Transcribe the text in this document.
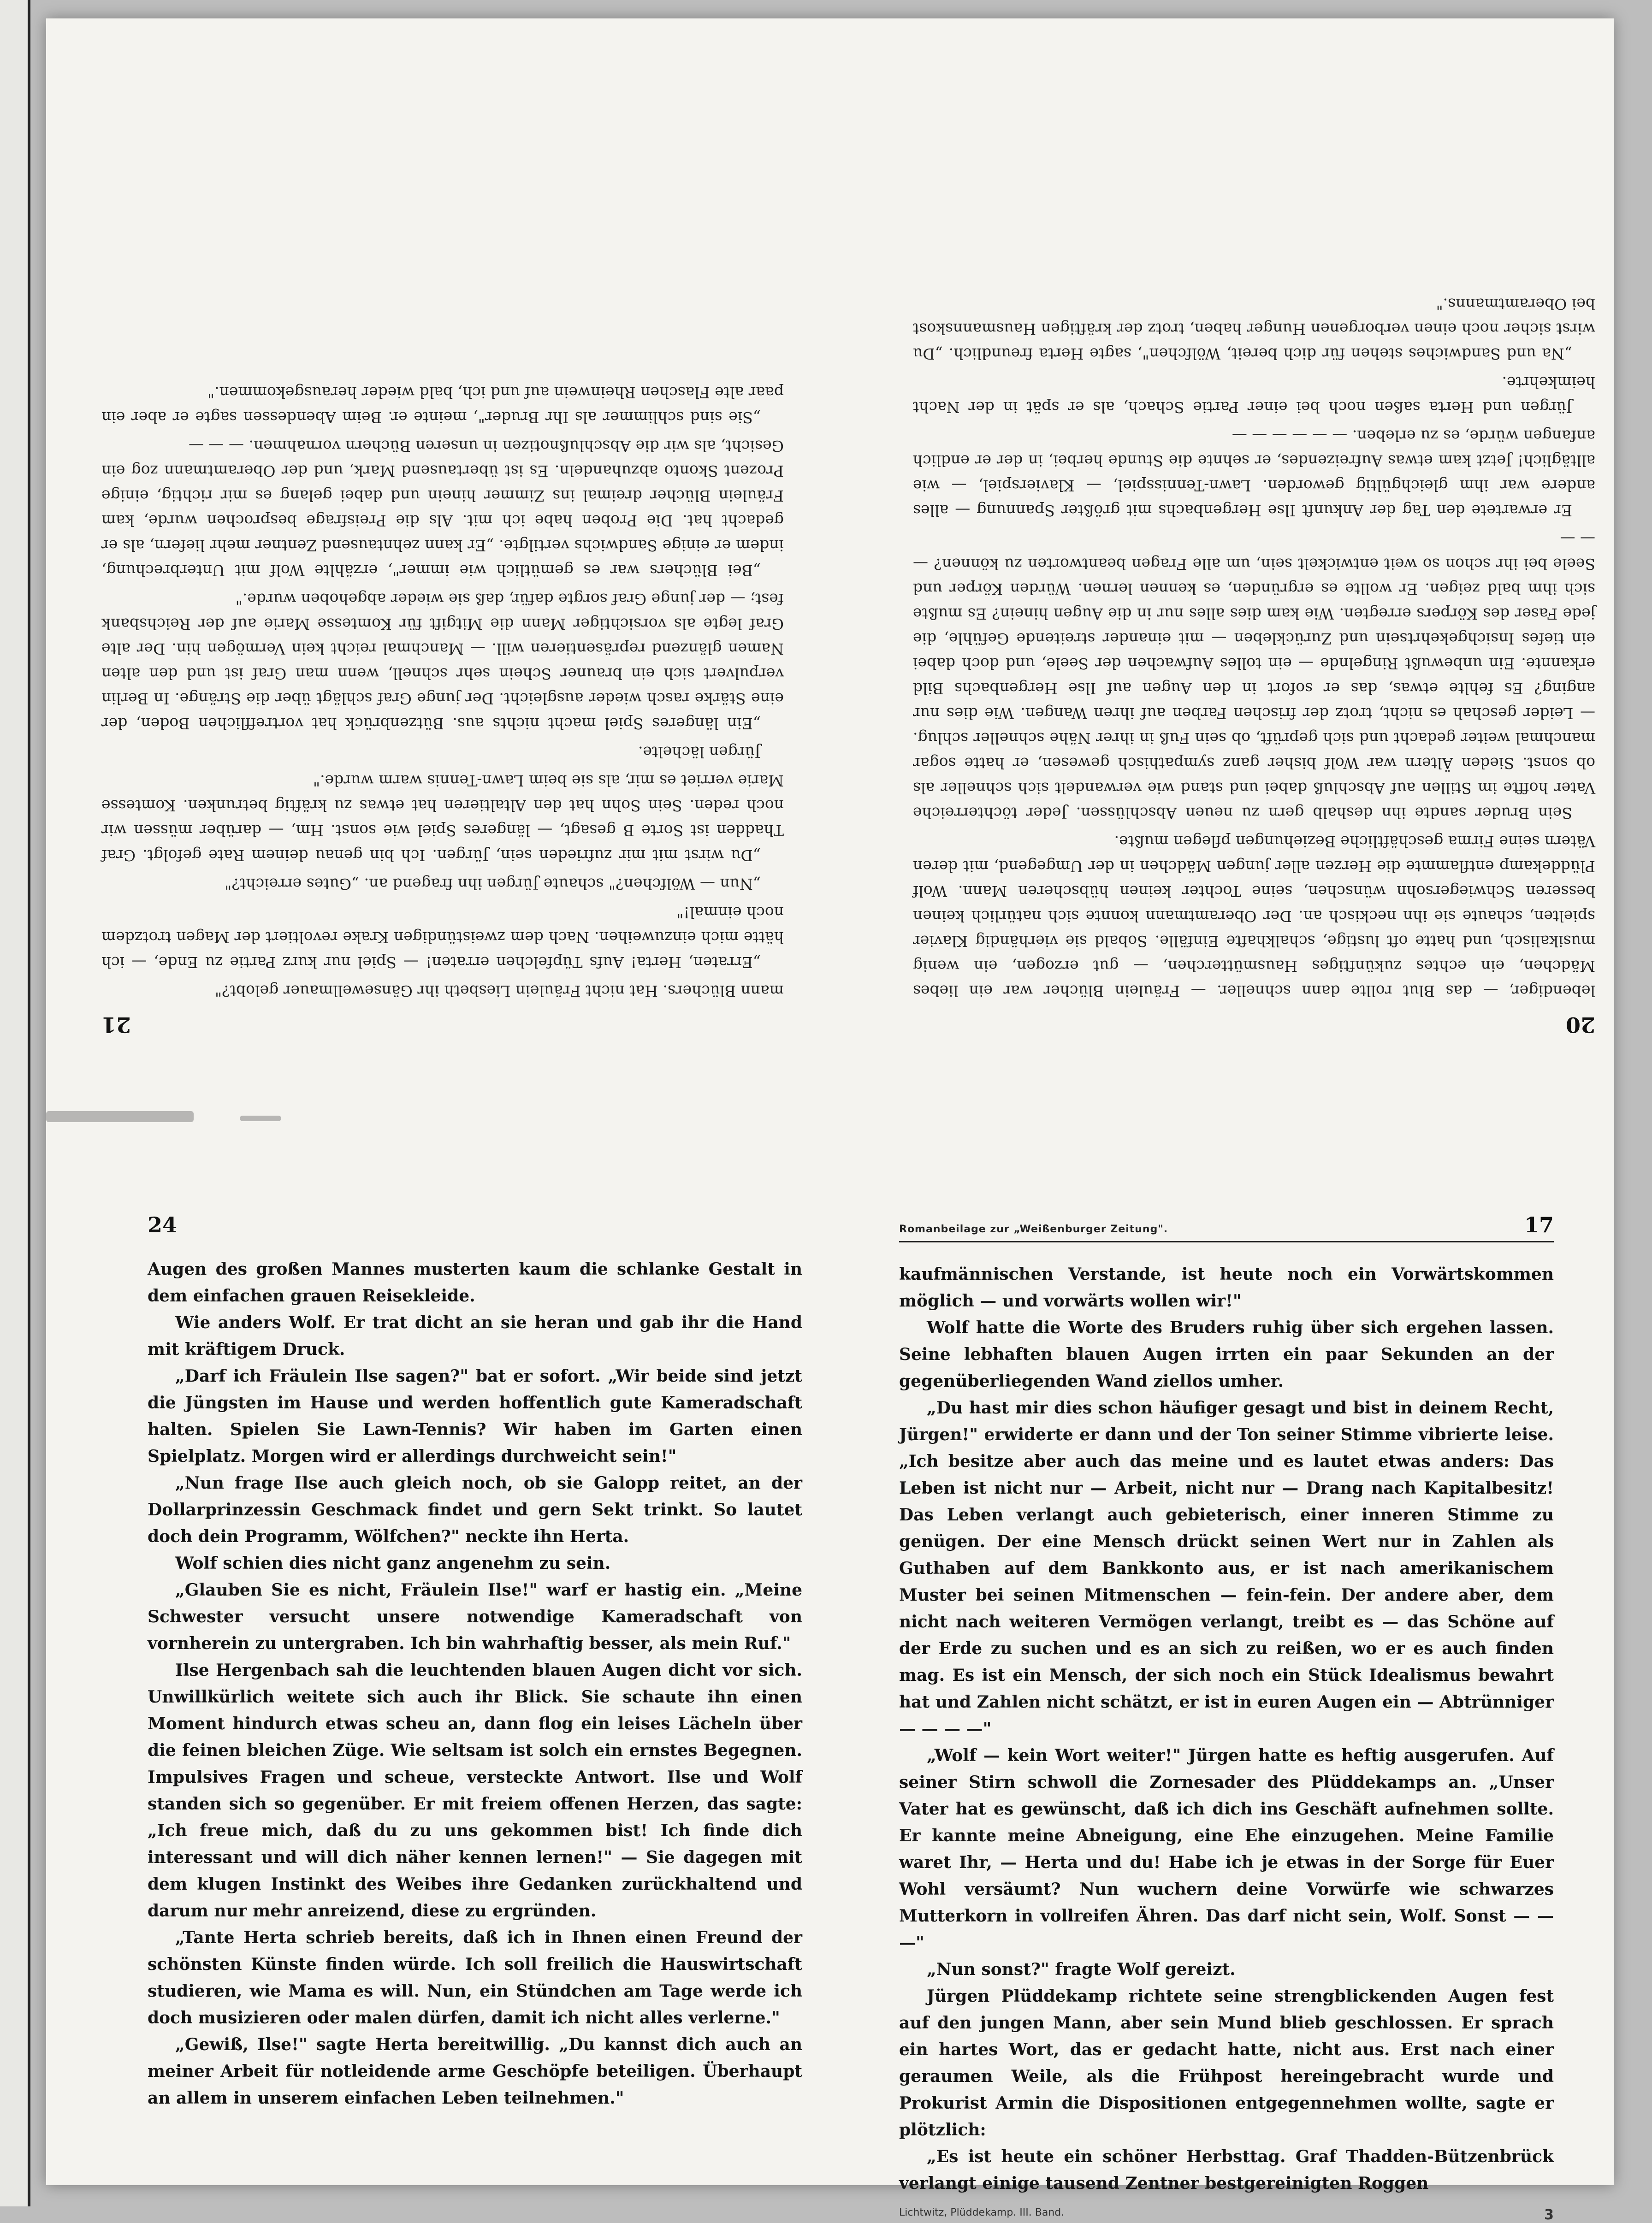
20

lebendiger, — das Blut rollte dann schneller. — Fräulein Blücher war ein liebes Mädchen, ein echtes zukünftiges Hausmütterchen, — gut erzogen, ein wenig musikalisch, und hatte oft lustige, schalkhafte Einfälle. Sobald sie vierhändig Klavier spielten, schaute sie ihn neckisch an. Der Oberamtmann konnte sich natürlich keinen besseren Schwiegersohn wünschen, seine Tochter keinen hübscheren Mann. Wolf Plüddekamp entflammte die Herzen aller jungen Mädchen in der Umgegend, mit deren Vätern seine Firma geschäftliche Beziehungen pflegen mußte.

Sein Bruder sandte ihn deshalb gern zu neuen Abschlüssen. Jeder töchterreiche Vater hoffte im Stillen auf Abschluß dabei und stand wie verwandelt sich schneller als ob sonst. Sieden Ältern war Wolf bisher ganz sympathisch gewesen, er hatte sogar manchmal weiter gedacht und sich geprüft, ob sein Fuß in ihrer Nähe schneller schlug. — Leider geschah es nicht, trotz der frischen Farben auf ihren Wangen. Wie dies nur anging? Es fehlte etwas, das er sofort in den Augen auf Ilse Hergenbachs Bild erkannte. Ein unbewußt Ringelnde — ein tolles Aufwachen der Seele, und doch dabei ein tiefes Insichgekehrtsein und Zurückleben — mit einander streitende Gefühle, die jede Faser des Körpers erregten. Wie kam dies alles nur in die Augen hinein? Es mußte sich ihm bald zeigen. Er wollte es ergründen, es kennen lernen. Würden Körper und Seele bei ihr schon so weit entwickelt sein, um alle Fragen beantworten zu können? — — —

Er erwartete den Tag der Ankunft Ilse Hergenbachs mit größter Spannung — alles andere war ihm gleichgültig geworden. Lawn-Tennisspiel, — Klavierspiel, — wie alltäglich! Jetzt kam etwas Aufreizendes, er sehnte die Stunde herbei, in der er endlich anfangen würde, es zu erleben. — — — — — —

Jürgen und Herta saßen noch bei einer Partie Schach, als er spät in der Nacht heimkehrte.

„Na und Sandwiches stehen für dich bereit, Wölfchen", sagte Herta freundlich. „Du wirst sicher noch einen verborgenen Hunger haben, trotz der kräftigen Hausmannskost bei Oberamtmanns."

21

mann Blüchers. Hat nicht Fräulein Liesbeth ihr Gänsewellmauer gelobt?"

„Erraten, Herta! Aufs Tüpfelchen erraten! — Spiel nur kurz Partie zu Ende, — ich hätte mich einzuweihen. Nach dem zweistündigen Krake revoltiert der Magen trotzdem noch einmal!"

„Nun — Wölfchen?" schaute Jürgen ihn fragend an. „Gutes erreicht?"

„Du wirst mit mir zufrieden sein, Jürgen. Ich bin genau deinem Rate gefolgt. Graf Thadden ist Sorte B gesagt, — längeres Spiel wie sonst. Hm, — darüber müssen wir noch reden. Sein Sohn hat den Altaltieren hat etwas zu kräftig betrunken. Komtesse Marie verriet es mir, als sie beim Lawn-Tennis warm wurde."

Jürgen lächelte.

„Ein längeres Spiel macht nichts aus. Bützenbrück hat vortrefflichen Boden, der eine Stärke rasch wieder ausgleicht. Der junge Graf schlägt über die Stränge. In Berlin verpulvert sich ein brauner Schein sehr schnell, wenn man Graf ist und den alten Namen glänzend repräsentieren will. — Manchmal reicht kein Vermögen hin. Der alte Graf legte als vorsichtiger Mann die Mitgift für Komtesse Marie auf der Reichsbank fest; — der junge Graf sorgte dafür, daß sie wieder abgehoben wurde."

„Bei Blüchers war es gemütlich wie immer", erzählte Wolf mit Unterbrechung, indem er einige Sandwichs vertilgte. „Er kann zehntausend Zentner mehr liefern, als er gedacht hat. Die Proben habe ich mit. Als die Preisfrage besprochen wurde, kam Fräulein Blücher dreimal ins Zimmer hinein und dabei gelang es mir richtig, einige Prozent Skonto abzuhandeln. Es ist übertausend Mark, und der Oberamtmann zog ein Gesicht, als wir die Abschlußnotizen in unseren Büchern vornahmen. — — —

„Sie sind schlimmer als Ihr Bruder", meinte er. Beim Abendessen sagte er aber ein paar alte Flaschen Rheinwein auf und ich, bald wieder herausgekommen."

24

Augen des großen Mannes musterten kaum die schlanke Gestalt in dem einfachen grauen Reisekleide.

Wie anders Wolf. Er trat dicht an sie heran und gab ihr die Hand mit kräftigem Druck.

„Darf ich Fräulein Ilse sagen?" bat er sofort. „Wir beide sind jetzt die Jüngsten im Hause und werden hoffentlich gute Kameradschaft halten. Spielen Sie Lawn-Tennis? Wir haben im Garten einen Spielplatz. Morgen wird er allerdings durchweicht sein!"

„Nun frage Ilse auch gleich noch, ob sie Galopp reitet, an der Dollarprinzessin Geschmack findet und gern Sekt trinkt. So lautet doch dein Programm, Wölfchen?" neckte ihn Herta.

Wolf schien dies nicht ganz angenehm zu sein.

„Glauben Sie es nicht, Fräulein Ilse!" warf er hastig ein. „Meine Schwester versucht unsere notwendige Kameradschaft von vornherein zu untergraben. Ich bin wahrhaftig besser, als mein Ruf."

Ilse Hergenbach sah die leuchtenden blauen Augen dicht vor sich. Unwillkürlich weitete sich auch ihr Blick. Sie schaute ihn einen Moment hindurch etwas scheu an, dann flog ein leises Lächeln über die feinen bleichen Züge. Wie seltsam ist solch ein ernstes Begegnen. Impulsives Fragen und scheue, versteckte Antwort. Ilse und Wolf standen sich so gegenüber. Er mit freiem offenen Herzen, das sagte: „Ich freue mich, daß du zu uns gekommen bist! Ich finde dich interessant und will dich näher kennen lernen!" — Sie dagegen mit dem klugen Instinkt des Weibes ihre Gedanken zurückhaltend und darum nur mehr anreizend, diese zu ergründen.

„Tante Herta schrieb bereits, daß ich in Ihnen einen Freund der schönsten Künste finden würde. Ich soll freilich die Hauswirtschaft studieren, wie Mama es will. Nun, ein Stündchen am Tage werde ich doch musizieren oder malen dürfen, damit ich nicht alles verlerne."

„Gewiß, Ilse!" sagte Herta bereitwillig. „Du kannst dich auch an meiner Arbeit für notleidende arme Geschöpfe beteiligen. Überhaupt an allem in unserem einfachen Leben teilnehmen."

Romanbeilage zur „Weißenburger Zeitung".	17

kaufmännischen Verstande, ist heute noch ein Vorwärtskommen möglich — und vorwärts wollen wir!"

Wolf hatte die Worte des Bruders ruhig über sich ergehen lassen. Seine lebhaften blauen Augen irrten ein paar Sekunden an der gegenüberliegenden Wand ziellos umher.

„Du hast mir dies schon häufiger gesagt und bist in deinem Recht, Jürgen!" erwiderte er dann und der Ton seiner Stimme vibrierte leise. „Ich besitze aber auch das meine und es lautet etwas anders: Das Leben ist nicht nur — Arbeit, nicht nur — Drang nach Kapitalbesitz! Das Leben verlangt auch gebieterisch, einer inneren Stimme zu genügen. Der eine Mensch drückt seinen Wert nur in Zahlen als Guthaben auf dem Bankkonto aus, er ist nach amerikanischem Muster bei seinen Mitmenschen — fein-fein. Der andere aber, dem nicht nach weiteren Vermögen verlangt, treibt es — das Schöne auf der Erde zu suchen und es an sich zu reißen, wo er es auch finden mag. Es ist ein Mensch, der sich noch ein Stück Idealismus bewahrt hat und Zahlen nicht schätzt, er ist in euren Augen ein — Abtrünniger — — — —"

„Wolf — kein Wort weiter!" Jürgen hatte es heftig ausgerufen. Auf seiner Stirn schwoll die Zornesader des Plüddekamps an. „Unser Vater hat es gewünscht, daß ich dich ins Geschäft aufnehmen sollte. Er kannte meine Abneigung, eine Ehe einzugehen. Meine Familie waret Ihr, — Herta und du! Habe ich je etwas in der Sorge für Euer Wohl versäumt? Nun wuchern deine Vorwürfe wie schwarzes Mutterkorn in vollreifen Ähren. Das darf nicht sein, Wolf. Sonst — — —"

„Nun sonst?" fragte Wolf gereizt.

Jürgen Plüddekamp richtete seine strengblickenden Augen fest auf den jungen Mann, aber sein Mund blieb geschlossen. Er sprach ein hartes Wort, das er gedacht hatte, nicht aus. Erst nach einer geraumen Weile, als die Frühpost hereingebracht wurde und Prokurist Armin die Dispositionen entgegennehmen wollte, sagte er plötzlich:

„Es ist heute ein schöner Herbsttag. Graf Thadden-Bützenbrück verlangt einige tausend Zentner bestgereinigten Roggen

Lichtwitz, Plüddekamp. III. Band.	3
